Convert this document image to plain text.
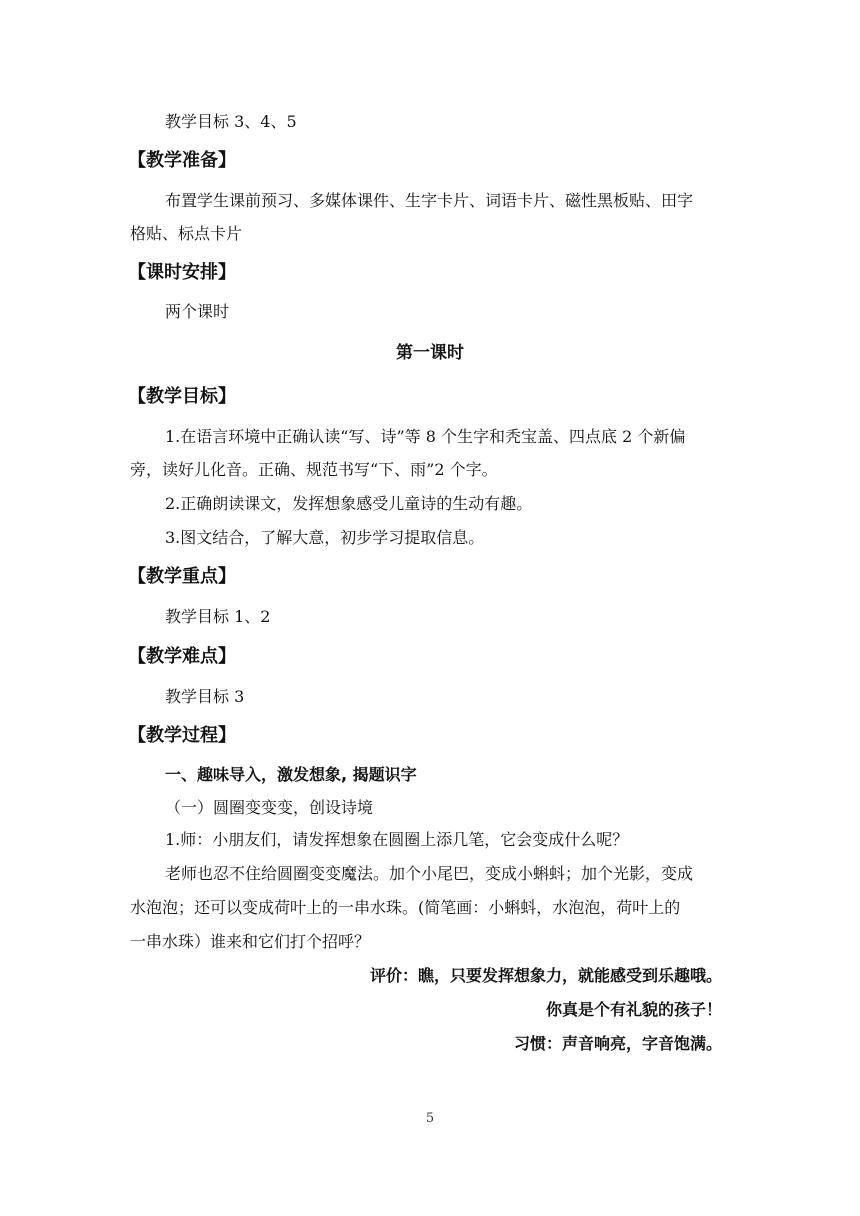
教学目标 3、4、5
【教学准备】
布置学生课前预习、多媒体课件、生字卡片、词语卡片、磁性黑板贴、田字
格贴、标点卡片
【课时安排】
两个课时
第一课时
【教学目标】
1.在语言环境中正确认读“写、诗”等 8 个生字和秃宝盖、四点底 2 个新偏
旁，读好儿化音。正确、规范书写“下、雨”2 个字。
2.正确朗读课文，发挥想象感受儿童诗的生动有趣。
3.图文结合，了解大意，初步学习提取信息。
【教学重点】
教学目标 1、2
【教学难点】
教学目标 3
【教学过程】
一、趣味导入，激发想象, 揭题识字
（一）圆圈变变变，创设诗境
1.师：小朋友们，请发挥想象在圆圈上添几笔，它会变成什么呢？
老师也忍不住给圆圈变变魔法。加个小尾巴，变成小蝌蚪；加个光影，变成
水泡泡；还可以变成荷叶上的一串水珠。(简笔画：小蝌蚪，水泡泡，荷叶上的
一串水珠）谁来和它们打个招呼？
评价：瞧，只要发挥想象力，就能感受到乐趣哦。
你真是个有礼貌的孩子！
习惯：声音响亮，字音饱满。
5
